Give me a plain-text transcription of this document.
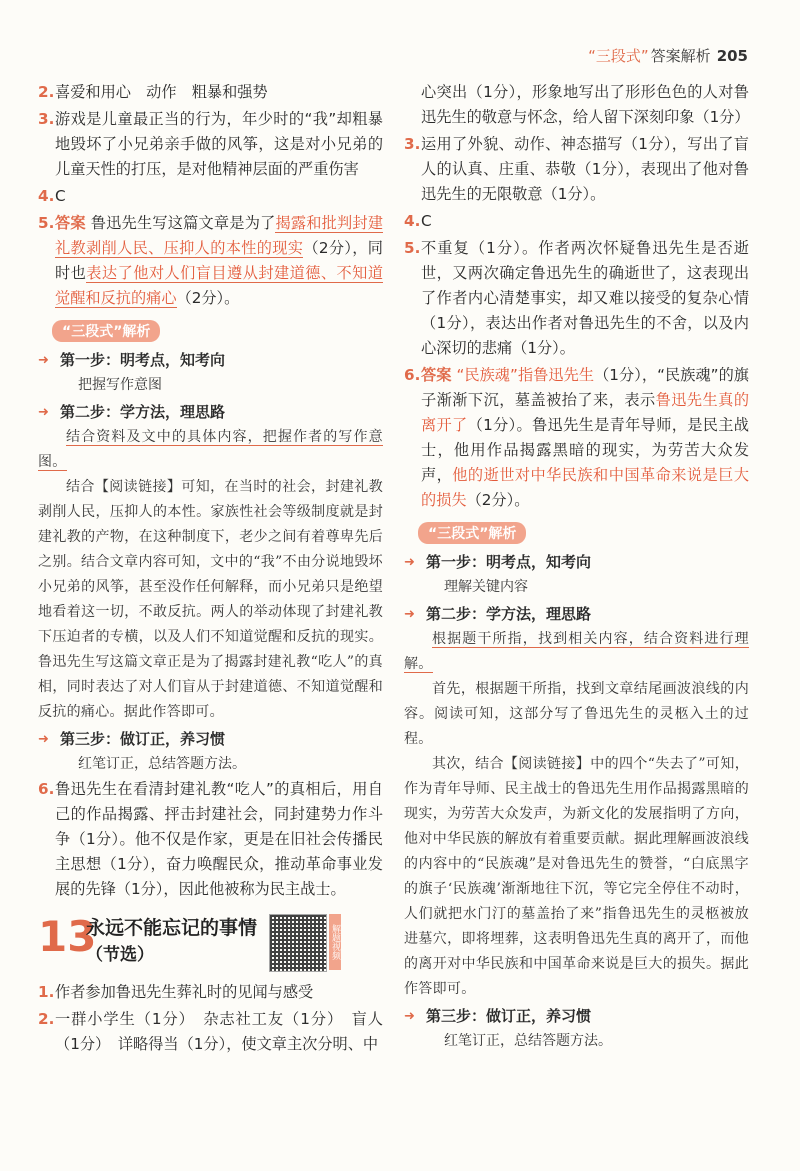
“三段式” 答案解析 205
2. 喜爱和用心　动作　粗暴和强势
3. 游戏是儿童最正当的行为，年少时的“我”却粗暴地毁坏了小兄弟亲手做的风筝，这是对小兄弟的儿童天性的打压，是对他精神层面的严重伤害
4. C
5. 答案 鲁迅先生写这篇文章是为了揭露和批判封建礼教剥削人民、压抑人的本性的现实（2分），同时也表达了他对人们盲目遵从封建道德、不知道觉醒和反抗的痛心（2分）。
“三段式”解析
➜ 第一步：明考点，知考向
把握写作意图
➜ 第二步：学方法，理思路
结合资料及文中的具体内容，把握作者的写作意图。
结合【阅读链接】可知，在当时的社会，封建礼教剥削人民，压抑人的本性。家族性社会等级制度就是封建礼教的产物，在这种制度下，老少之间有着尊卑先后之别。结合文章内容可知，文中的“我”不由分说地毁坏小兄弟的风筝，甚至没作任何解释，而小兄弟只是绝望地看着这一切，不敢反抗。两人的举动体现了封建礼教下压迫者的专横，以及人们不知道觉醒和反抗的现实。鲁迅先生写这篇文章正是为了揭露封建礼教“吃人”的真相，同时表达了对人们盲从于封建道德、不知道觉醒和反抗的痛心。据此作答即可。
➜ 第三步：做订正，养习惯
红笔订正，总结答题方法。
6. 鲁迅先生在看清封建礼教“吃人”的真相后，用自己的作品揭露、抨击封建社会，同封建势力作斗争（1分）。他不仅是作家，更是在旧社会传播民主思想（1分），奋力唤醒民众，推动革命事业发展的先锋（1分），因此他被称为民主战士。
13
永远不能忘记的事情
（节选）	解题视频
1. 作者参加鲁迅先生葬礼时的见闻与感受
2. 一群小学生（1分）　杂志社工友（1分）　盲人（1分）　详略得当（1分），使文章主次分明、中
心突出（1分），形象地写出了形形色色的人对鲁迅先生的敬意与怀念，给人留下深刻印象（1分）
3. 运用了外貌、动作、神态描写（1分），写出了盲人的认真、庄重、恭敬（1分），表现出了他对鲁迅先生的无限敬意（1分）。
4. C
5. 不重复（1分）。作者两次怀疑鲁迅先生是否逝世，又两次确定鲁迅先生的确逝世了，这表现出了作者内心清楚事实，却又难以接受的复杂心情（1分），表达出作者对鲁迅先生的不舍，以及内心深切的悲痛（1分）。
6. 答案 “民族魂”指鲁迅先生（1分），“民族魂”的旗子渐渐下沉，墓盖被抬了来，表示鲁迅先生真的离开了（1分）。鲁迅先生是青年导师，是民主战士，他用作品揭露黑暗的现实，为劳苦大众发声，他的逝世对中华民族和中国革命来说是巨大的损失（2分）。
“三段式”解析
➜ 第一步：明考点，知考向
理解关键内容
➜ 第二步：学方法，理思路
根据题干所指，找到相关内容，结合资料进行理解。
首先，根据题干所指，找到文章结尾画波浪线的内容。阅读可知，这部分写了鲁迅先生的灵柩入土的过程。
其次，结合【阅读链接】中的四个“失去了”可知，作为青年导师、民主战士的鲁迅先生用作品揭露黑暗的现实，为劳苦大众发声，为新文化的发展指明了方向，他对中华民族的解放有着重要贡献。据此理解画波浪线的内容中的“民族魂”是对鲁迅先生的赞誉，“白底黑字的旗子‘民族魂’渐渐地往下沉，等它完全停住不动时，人们就把水门汀的墓盖抬了来”指鲁迅先生的灵柩被放进墓穴，即将埋葬，这表明鲁迅先生真的离开了，而他的离开对中华民族和中国革命来说是巨大的损失。据此作答即可。
➜ 第三步：做订正，养习惯
红笔订正，总结答题方法。
